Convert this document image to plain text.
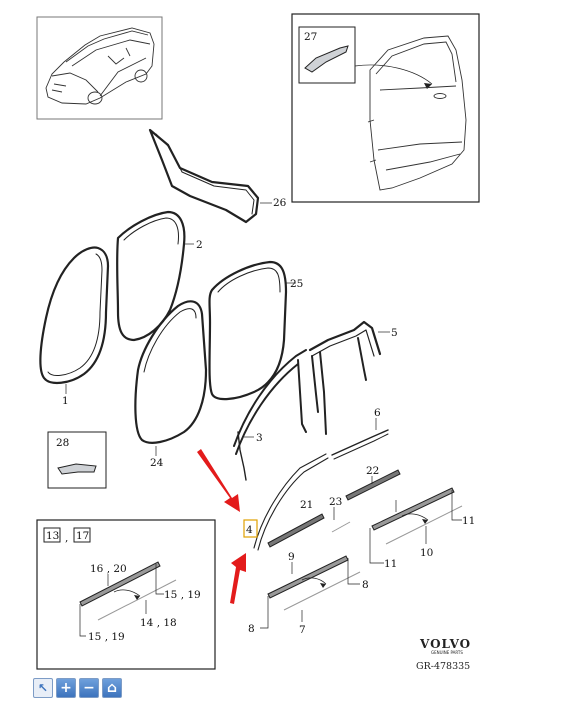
27
26
1
2
25
24
3
5
6
4
21 23
22
10
11
11
9
8
8	7
28
13 , 17
16 , 20
15 , 19
15 , 19
14 , 18
VOLVO
GENUINE PARTS
GR-478335
↖ + − ⌂
